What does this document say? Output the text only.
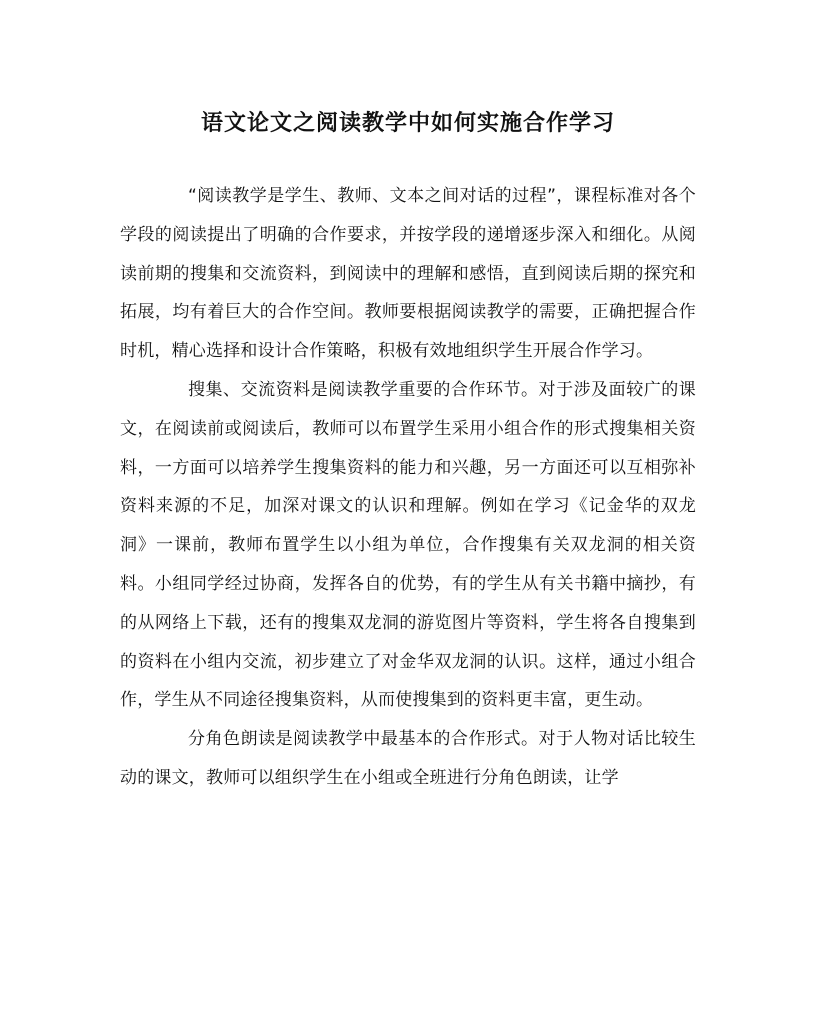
语文论文之阅读教学中如何实施合作学习

“阅读教学是学生、教师、文本之间对话的过程”，课程标准对各个学段的阅读提出了明确的合作要求，并按学段的递增逐步深入和细化。从阅读前期的搜集和交流资料，到阅读中的理解和感悟，直到阅读后期的探究和拓展，均有着巨大的合作空间。教师要根据阅读教学的需要，正确把握合作时机，精心选择和设计合作策略，积极有效地组织学生开展合作学习。

搜集、交流资料是阅读教学重要的合作环节。对于涉及面较广的课文，在阅读前或阅读后，教师可以布置学生采用小组合作的形式搜集相关资料，一方面可以培养学生搜集资料的能力和兴趣，另一方面还可以互相弥补资料来源的不足，加深对课文的认识和理解。例如在学习《记金华的双龙洞》一课前，教师布置学生以小组为单位，合作搜集有关双龙洞的相关资料。小组同学经过协商，发挥各自的优势，有的学生从有关书籍中摘抄，有的从网络上下载，还有的搜集双龙洞的游览图片等资料，学生将各自搜集到的资料在小组内交流，初步建立了对金华双龙洞的认识。这样，通过小组合作，学生从不同途径搜集资料，从而使搜集到的资料更丰富，更生动。

分角色朗读是阅读教学中最基本的合作形式。对于人物对话比较生动的课文，教师可以组织学生在小组或全班进行分角色朗读，让学
